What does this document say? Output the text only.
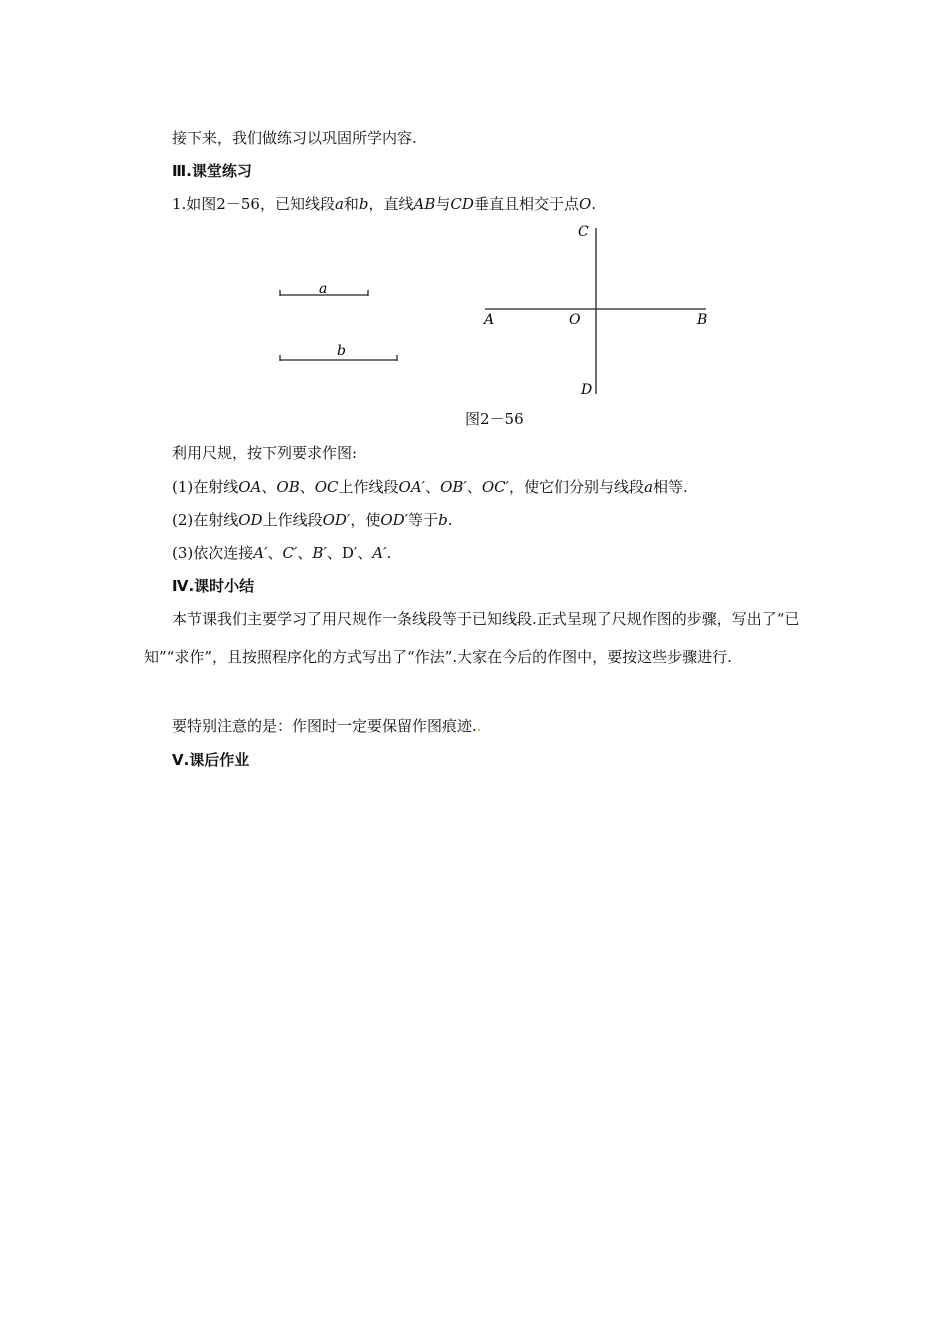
接下来，我们做练习以巩固所学内容.
Ⅲ.课堂练习
1.如图2－56，已知线段a和b，直线AB与CD垂直且相交于点O.
a
b
A	O	B
C
D
图2－56
利用尺规，按下列要求作图:
(1)在射线OA、OB、OC上作线段OA′、OB′、OC′，使它们分别与线段a相等.
(2)在射线OD上作线段OD′，使OD′等于b.
(3)依次连接A′、C′、B′、D′、A′.
Ⅳ.课时小结
本节课我们主要学习了用尺规作一条线段等于已知线段.正式呈现了尺规作图的步骤，写出了“已知”“求作”，且按照程序化的方式写出了“作法”.大家在今后的作图中，要按这些步骤进行.
要特别注意的是：作图时一定要保留作图痕迹..
Ⅴ.课后作业
